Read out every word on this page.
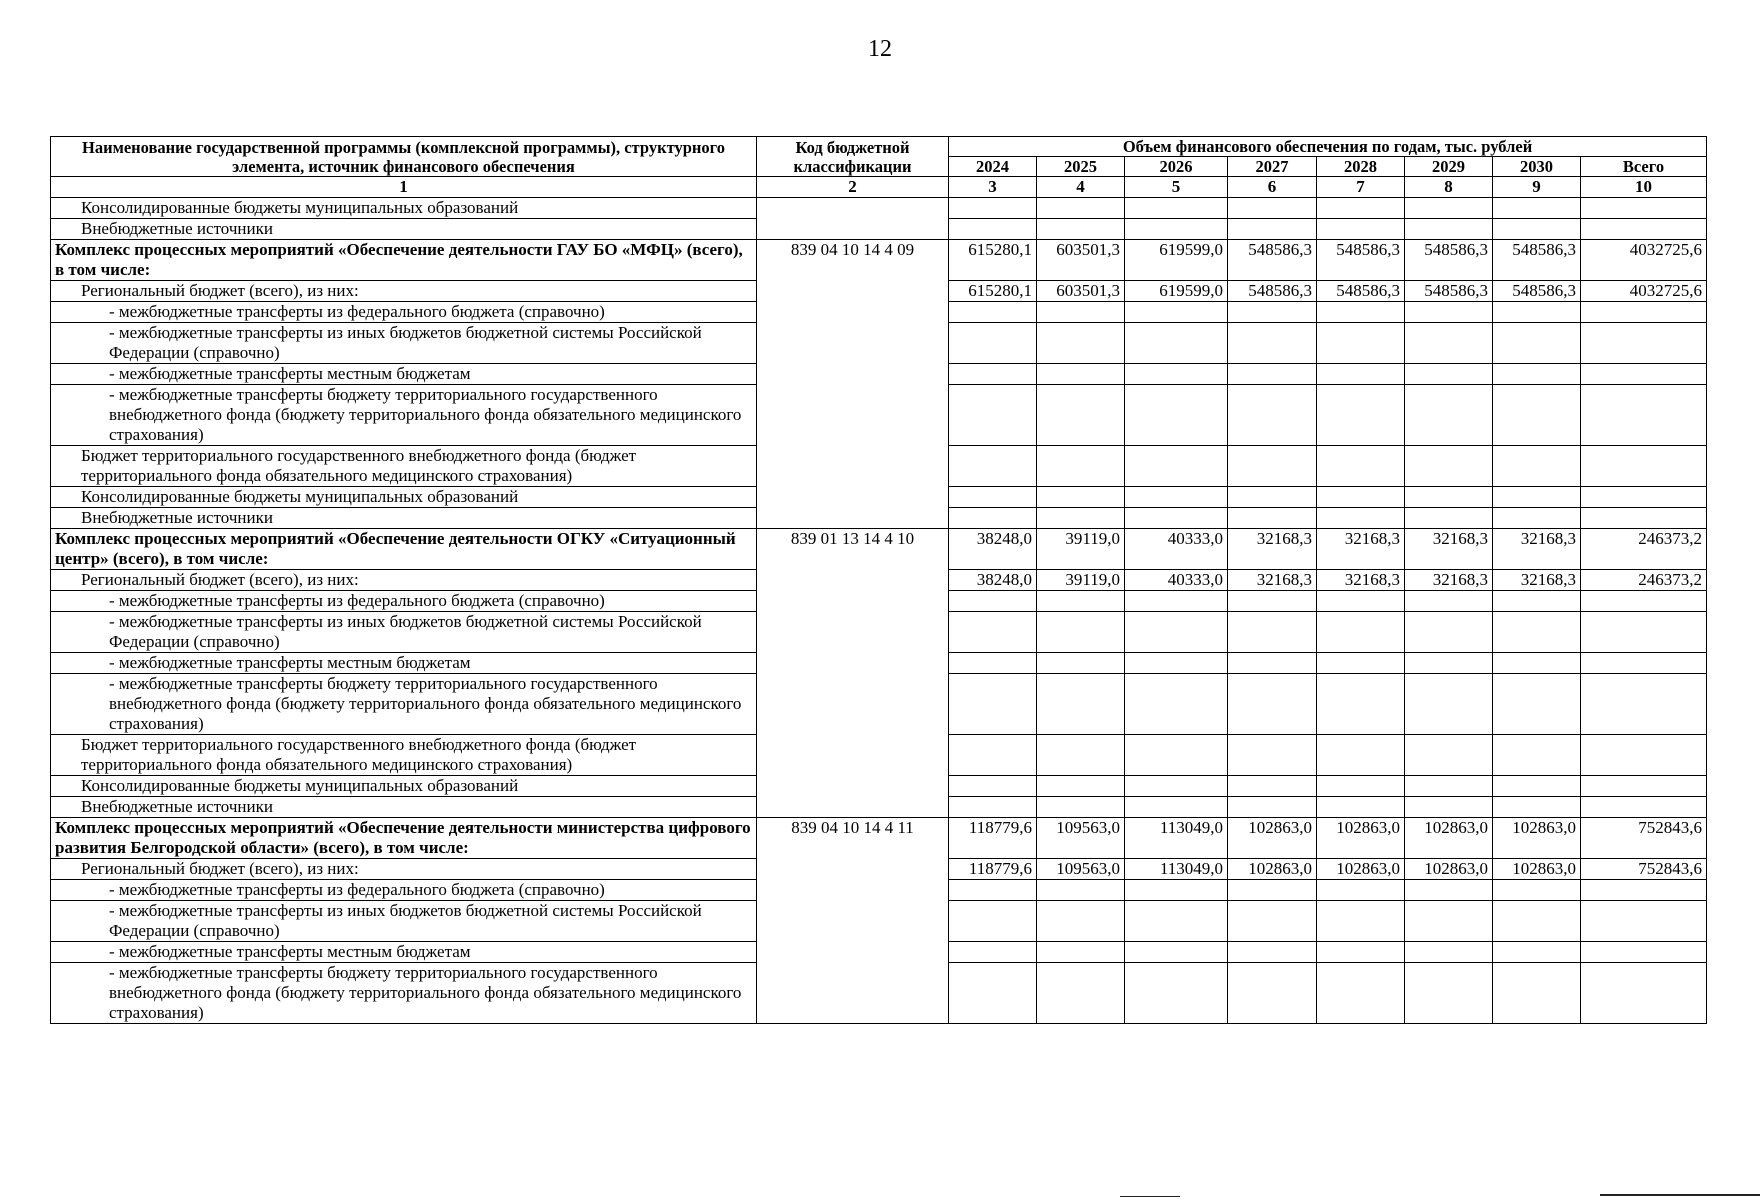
12
Наименование государственной программы (комплексной программы), структурного элемента, источник финансового обеспечения	Код бюджетной классификации	Объем финансового обеспечения по годам, тыс. рублей							
		2024	2025	2026	2027	2028	2029	2030	Всего
1	2	3	4	5	6	7	8	9	10
Консолидированные бюджеты муниципальных образований									
Внебюджетные источники									
Комплекс процессных мероприятий «Обеспечение деятельности ГАУ БО «МФЦ» (всего), в том числе:	839 04 10 14 4 09	615280,1	603501,3	619599,0	548586,3	548586,3	548586,3	548586,3	4032725,6
Региональный бюджет (всего), из них:		615280,1	603501,3	619599,0	548586,3	548586,3	548586,3	548586,3	4032725,6
- межбюджетные трансферты из федерального бюджета (справочно)									
- межбюджетные трансферты из иных бюджетов бюджетной системы Российской Федерации (справочно)									
- межбюджетные трансферты местным бюджетам									
- межбюджетные трансферты бюджету территориального государственного внебюджетного фонда (бюджету территориального фонда обязательного медицинского страхования)									
Бюджет территориального государственного внебюджетного фонда (бюджет территориального фонда обязательного медицинского страхования)									
Консолидированные бюджеты муниципальных образований									
Внебюджетные источники									
Комплекс процессных мероприятий «Обеспечение деятельности ОГКУ «Ситуационный центр» (всего), в том числе:	839 01 13 14 4 10	38248,0	39119,0	40333,0	32168,3	32168,3	32168,3	32168,3	246373,2
Региональный бюджет (всего), из них:		38248,0	39119,0	40333,0	32168,3	32168,3	32168,3	32168,3	246373,2
- межбюджетные трансферты из федерального бюджета (справочно)									
- межбюджетные трансферты из иных бюджетов бюджетной системы Российской Федерации (справочно)									
- межбюджетные трансферты местным бюджетам									
- межбюджетные трансферты бюджету территориального государственного внебюджетного фонда (бюджету территориального фонда обязательного медицинского страхования)									
Бюджет территориального государственного внебюджетного фонда (бюджет территориального фонда обязательного медицинского страхования)									
Консолидированные бюджеты муниципальных образований									
Внебюджетные источники									
Комплекс процессных мероприятий «Обеспечение деятельности министерства цифрового развития Белгородской области» (всего), в том числе:	839 04 10 14 4 11	118779,6	109563,0	113049,0	102863,0	102863,0	102863,0	102863,0	752843,6
Региональный бюджет (всего), из них:		118779,6	109563,0	113049,0	102863,0	102863,0	102863,0	102863,0	752843,6
- межбюджетные трансферты из федерального бюджета (справочно)									
- межбюджетные трансферты из иных бюджетов бюджетной системы Российской Федерации (справочно)									
- межбюджетные трансферты местным бюджетам									
- межбюджетные трансферты бюджету территориального государственного внебюджетного фонда (бюджету территориального фонда обязательного медицинского страхования)									
